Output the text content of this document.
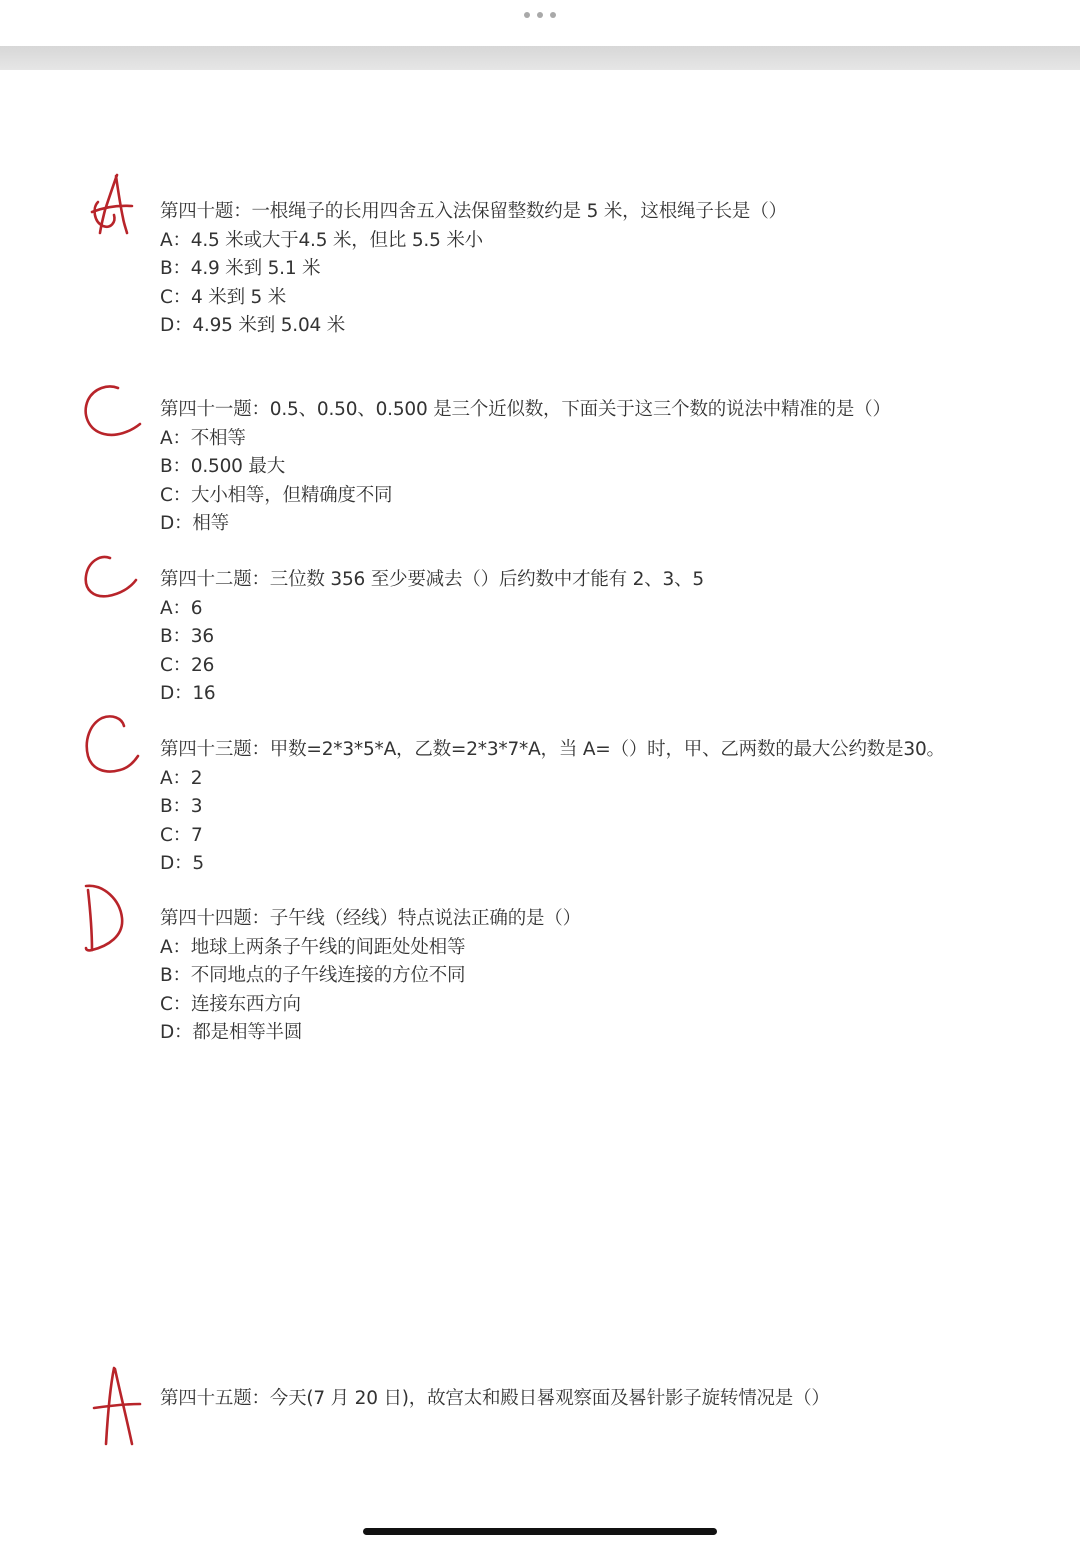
第四十题：一根绳子的长用四舍五入法保留整数约是 5 米，这根绳子长是（）
A：4.5 米或大于4.5 米，但比 5.5 米小
B：4.9 米到 5.1 米
C：4 米到 5 米
D：4.95 米到 5.04 米
第四十一题：0.5、0.50、0.500 是三个近似数，下面关于这三个数的说法中精准的是（）
A：不相等
B：0.500 最大
C：大小相等，但精确度不同
D：相等
第四十二题：三位数 356 至少要减去（）后约数中才能有 2、3、5
A：6
B：36
C：26
D：16
第四十三题：甲数=2*3*5*A，乙数=2*3*7*A，当 A=（）时，甲、乙两数的最大公约数是30。
A：2
B：3
C：7
D：5
第四十四题：子午线（经线）特点说法正确的是（）
A：地球上两条子午线的间距处处相等
B：不同地点的子午线连接的方位不同
C：连接东西方向
D：都是相等半圆
第四十五题：今天(7 月 20 日)，故宫太和殿日晷观察面及晷针影子旋转情况是（）
